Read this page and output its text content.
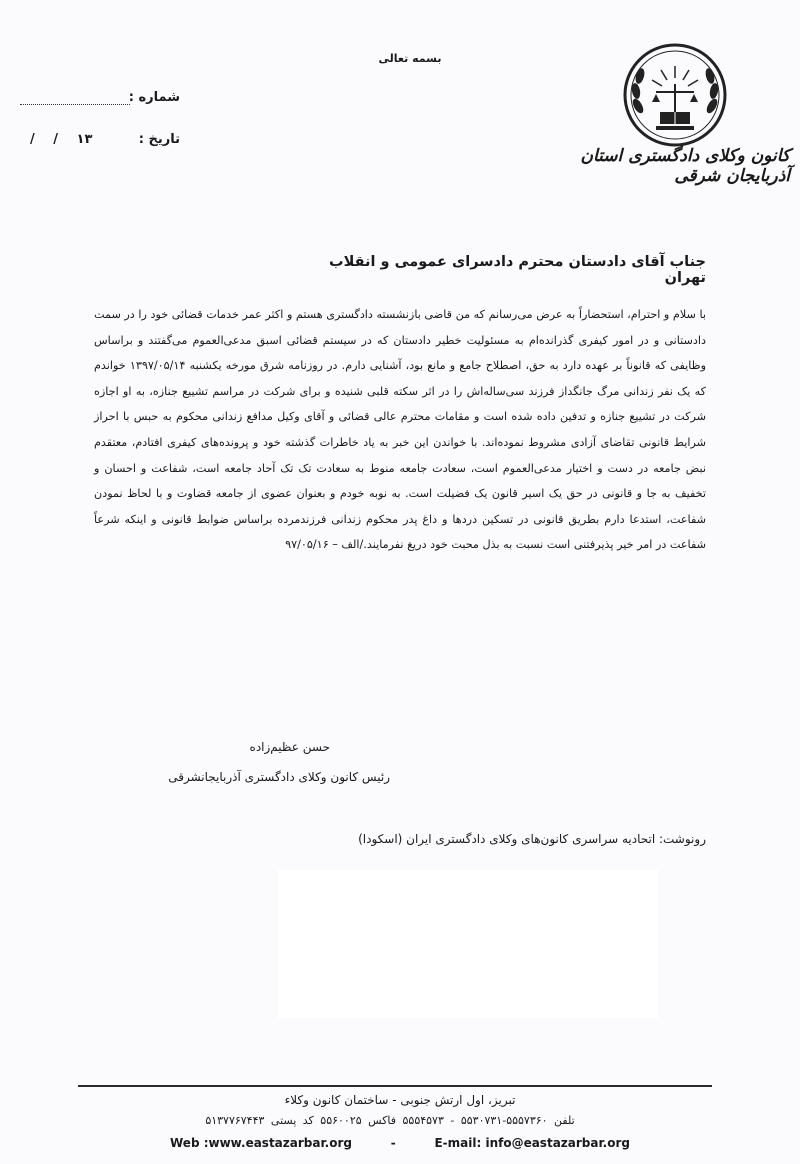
بسمه تعالی
کانون وکلای دادگستری استان آذربایجان شرقی
شماره :
تاریخ :
/ / ۱۳
جناب آقای دادستان محترم دادسرای عمومی و انقلاب تهران
با سلام و احترام، استحضاراً به عرض می‌رسانم که من قاضی بازنشسته دادگستری هستم و اکثر عمر خدمات قضائی خود را در سمت دادستانی و در امور کیفری گذرانده‌ام به مسئولیت خطیر دادستان که در سیستم قضائی اسبق مدعی‌العموم می‌گفتند و براساس وظایفی که قانوناً بر عهده دارد به حق، اصطلاح جامع و مانع بود، آشنایی دارم. در روزنامه شرق مورخه یکشنبه ۱۳۹۷/۰۵/۱۴ خواندم که یک نفر زندانی مرگ جانگداز فرزند سی‌ساله‌اش را در اثر سکته قلبی شنیده و برای شرکت در مراسم تشییع جنازه، به او اجازه شرکت در تشییع جنازه و تدفین داده شده است و مقامات محترم عالی قضائی و آقای وکیل مدافع زندانی محکوم به حبس با احراز شرایط قانونی تقاضای آزادی مشروط نموده‌اند. با خواندن این خبر به یاد خاطرات گذشته خود و پرونده‌های کیفری افتادم، معتقدم نبض جامعه در دست و اختیار مدعی‌العموم است، سعادت جامعه منوط به سعادت تک تک آحاد جامعه است، شفاعت و احسان و تخفیف به جا و قانونی در حق یک اسیر قانون یک فضیلت است. به نوبه خودم و بعنوان عضوی از جامعه قضاوت و با لحاظ نمودن شفاعت، استدعا دارم بطریق قانونی در تسکین دردها و داغ پدر محکوم زندانی فرزندمرده براساس ضوابط قانونی و اینکه شرعاً شفاعت در امر خیر پذیرفتنی است نسبت به بذل محبت خود دریغ نفرمایند./الف – ۹۷/۰۵/۱۶
حسن عظیم‌زاده
رئیس کانون وکلای دادگستری آذربایجانشرقی
رونوشت: اتحادیه سراسری کانون‌های وکلای دادگستری ایران (اسکودا)
تبریز، اول ارتش جنوبی - ساختمان کانون وکلاء
تلفن ۵۵۵۷۳۶۰-۵۵۳۰۷۳۱ - ۵۵۵۴۵۷۳ فاکس ۵۵۶۰۰۲۵ کد پستی ۵۱۳۷۷۶۷۴۴۳
Web :www.eastazarbar.org	-	E-mail: info@eastazarbar.org
